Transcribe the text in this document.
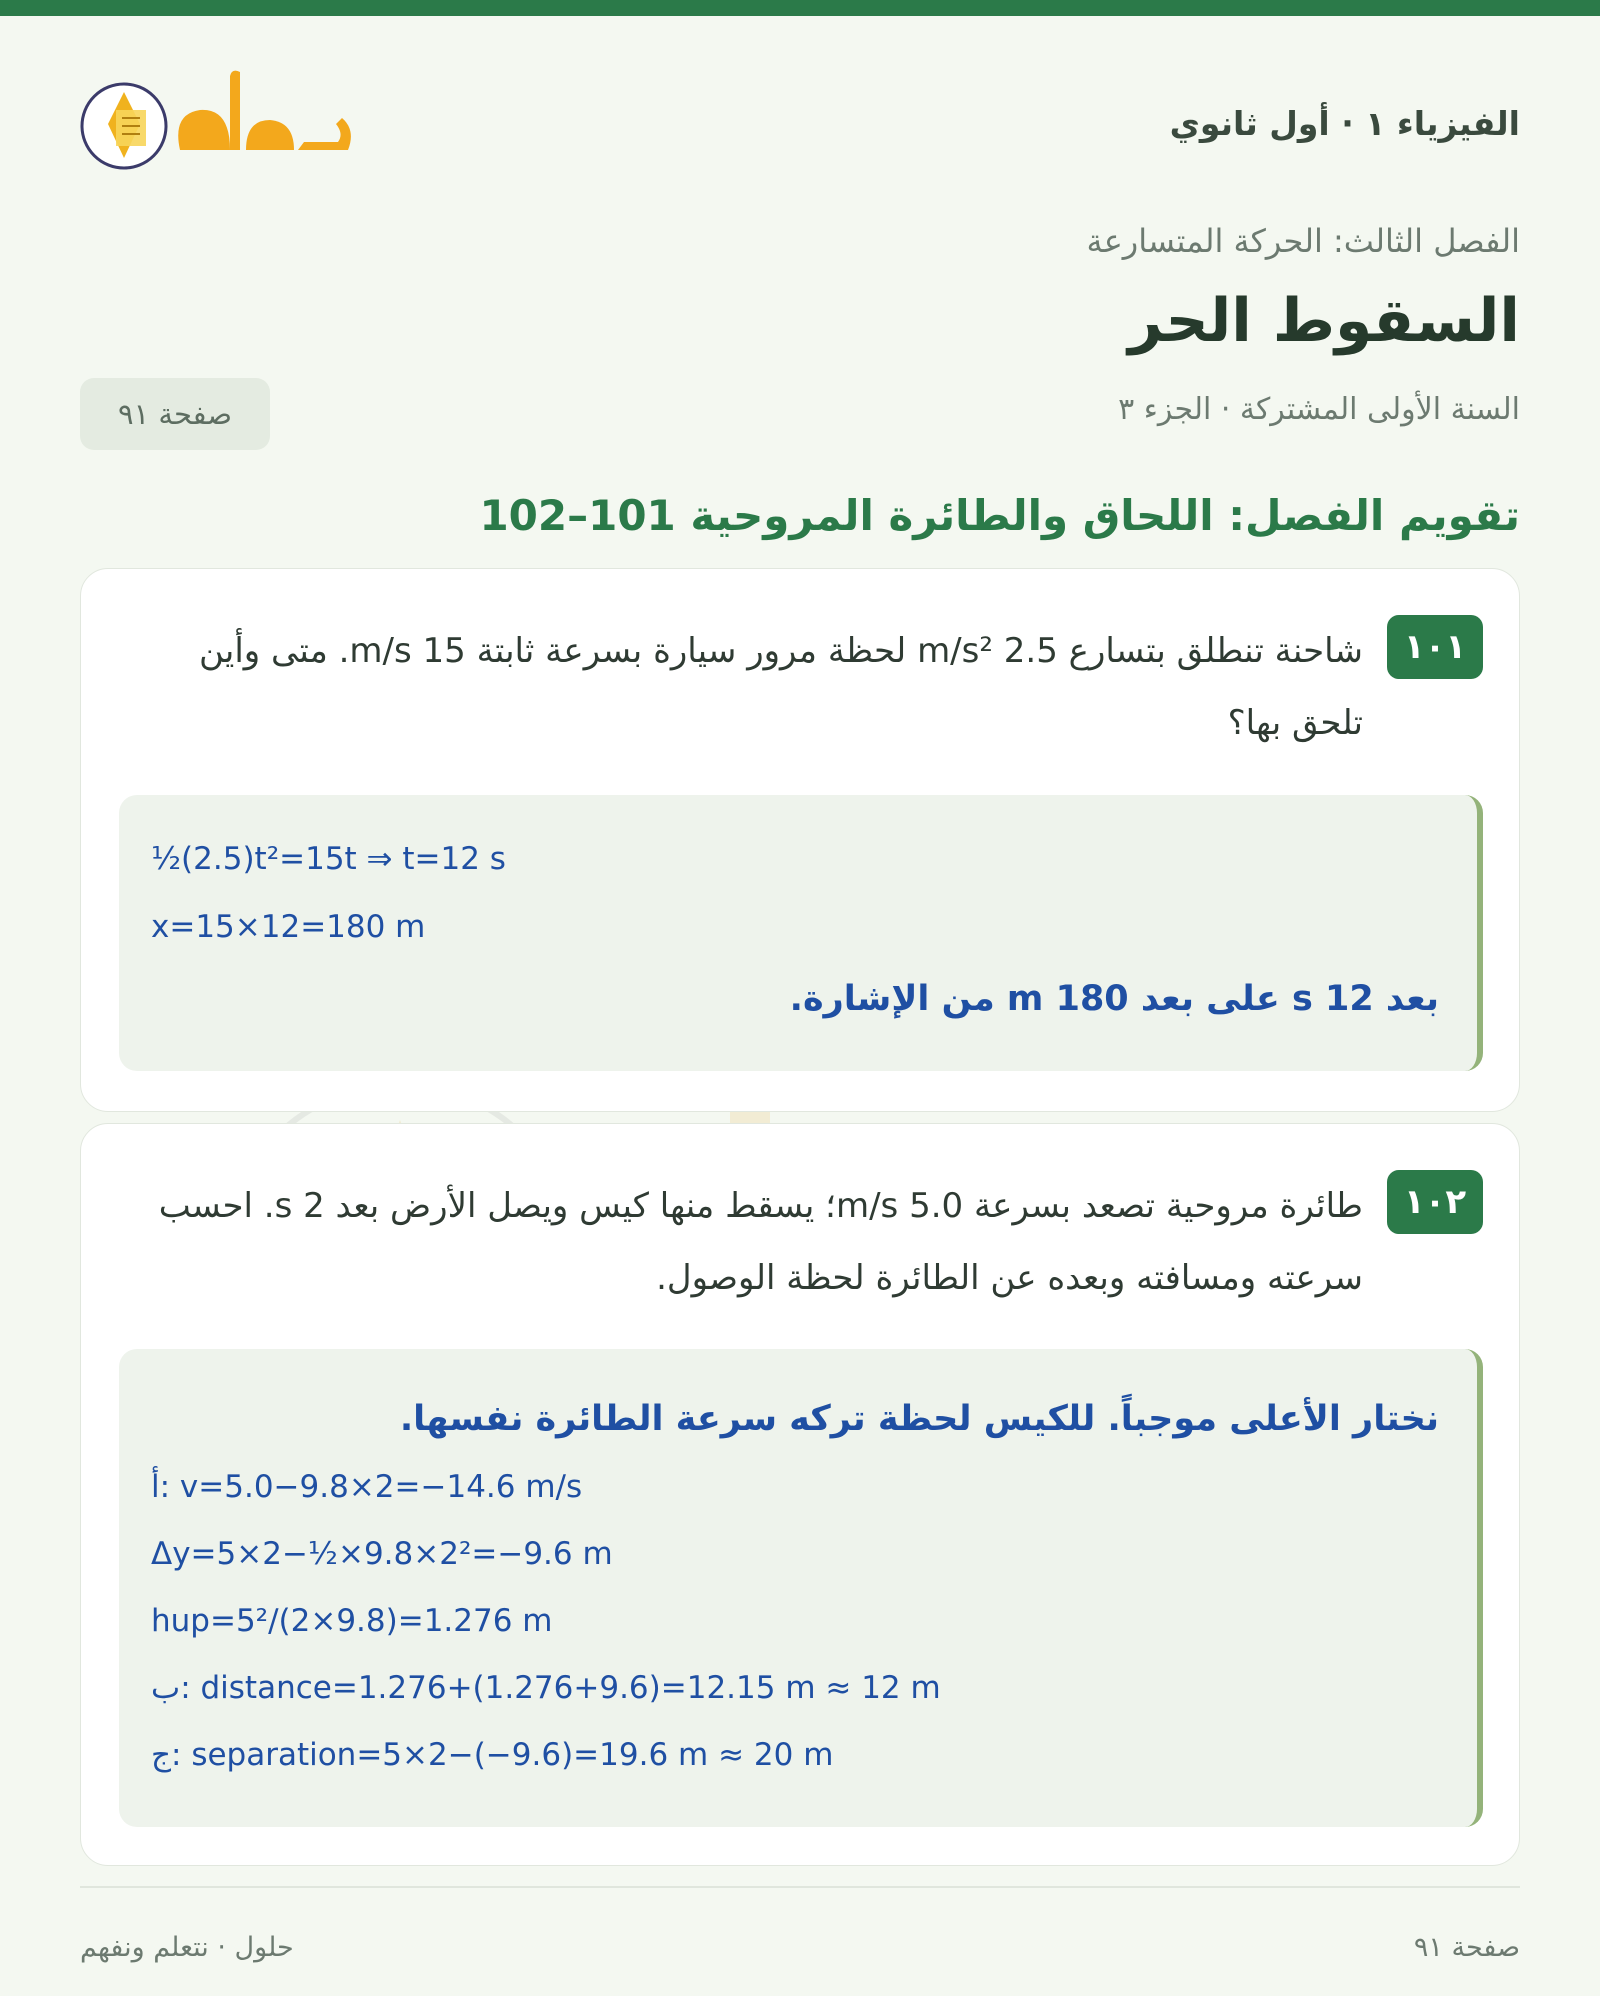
الفيزياء ١ · أول ثانوي
الفصل الثالث: الحركة المتسارعة
السقوط الحر
السنة الأولى المشتركة · الجزء ٣
صفحة ٩١
تقويم الفصل: اللحاق والطائرة المروحية 101–102
١٠١
شاحنة تنطلق بتسارع 2.5 m/s² لحظة مرور سيارة بسرعة ثابتة 15 m/s. متى وأين تلحق بها؟
½(2.5)t²=15t ⇒ t=12 s
x=15×12=180 m
بعد 12 s على بعد 180 m من الإشارة.
١٠٢
طائرة مروحية تصعد بسرعة 5.0 m/s؛ يسقط منها كيس ويصل الأرض بعد 2 s. احسب سرعته ومسافته وبعده عن الطائرة لحظة الوصول.
نختار الأعلى موجباً. للكيس لحظة تركه سرعة الطائرة نفسها.
أ: v=5.0−9.8×2=−14.6 m/s
Δy=5×2−½×9.8×2²=−9.6 m
hup=5²/(2×9.8)=1.276 m
ب: distance=1.276+(1.276+9.6)=12.15 m ≈ 12 m
ج: separation=5×2−(−9.6)=19.6 m ≈ 20 m
صفحة ٩١
حلول · نتعلم ونفهم
